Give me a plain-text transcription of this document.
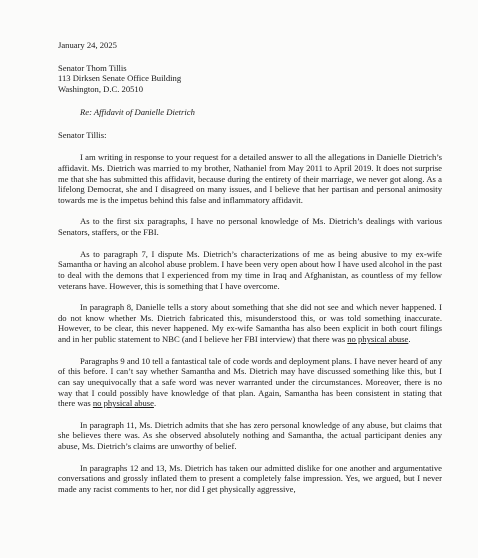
January 24, 2025
Senator Thom Tillis
113 Dirksen Senate Office Building
Washington, D.C. 20510
Re: Affidavit of Danielle Dietrich
Senator Tillis:

I am writing in response to your request for a detailed answer to all the allegations in Danielle Dietrich’s affidavit. Ms. Dietrich was married to my brother, Nathaniel from May 2011 to April 2019. It does not surprise me that she has submitted this affidavit, because during the entirety of their marriage, we never got along. As a lifelong Democrat, she and I disagreed on many issues, and I believe that her partisan and personal animosity towards me is the impetus behind this false and inflammatory affidavit.

As to the first six paragraphs, I have no personal knowledge of Ms. Dietrich’s dealings with various Senators, staffers, or the FBI.

As to paragraph 7, I dispute Ms. Dietrich’s characterizations of me as being abusive to my ex-wife Samantha or having an alcohol abuse problem. I have been very open about how I have used alcohol in the past to deal with the demons that I experienced from my time in Iraq and Afghanistan, as countless of my fellow veterans have. However, this is something that I have overcome.

In paragraph 8, Danielle tells a story about something that she did not see and which never happened. I do not know whether Ms. Dietrich fabricated this, misunderstood this, or was told something inaccurate. However, to be clear, this never happened. My ex-wife Samantha has also been explicit in both court filings and in her public statement to NBC (and I believe her FBI interview) that there was no physical abuse.

Paragraphs 9 and 10 tell a fantastical tale of code words and deployment plans. I have never heard of any of this before. I can’t say whether Samantha and Ms. Dietrich may have discussed something like this, but I can say unequivocally that a safe word was never warranted under the circumstances. Moreover, there is no way that I could possibly have knowledge of that plan. Again, Samantha has been consistent in stating that there was no physical abuse.

In paragraph 11, Ms. Dietrich admits that she has zero personal knowledge of any abuse, but claims that she believes there was. As she observed absolutely nothing and Samantha, the actual participant denies any abuse, Ms. Dietrich’s claims are unworthy of belief.

In paragraphs 12 and 13, Ms. Dietrich has taken our admitted dislike for one another and argumentative conversations and grossly inflated them to present a completely false impression. Yes, we argued, but I never made any racist comments to her, nor did I get physically aggressive,
